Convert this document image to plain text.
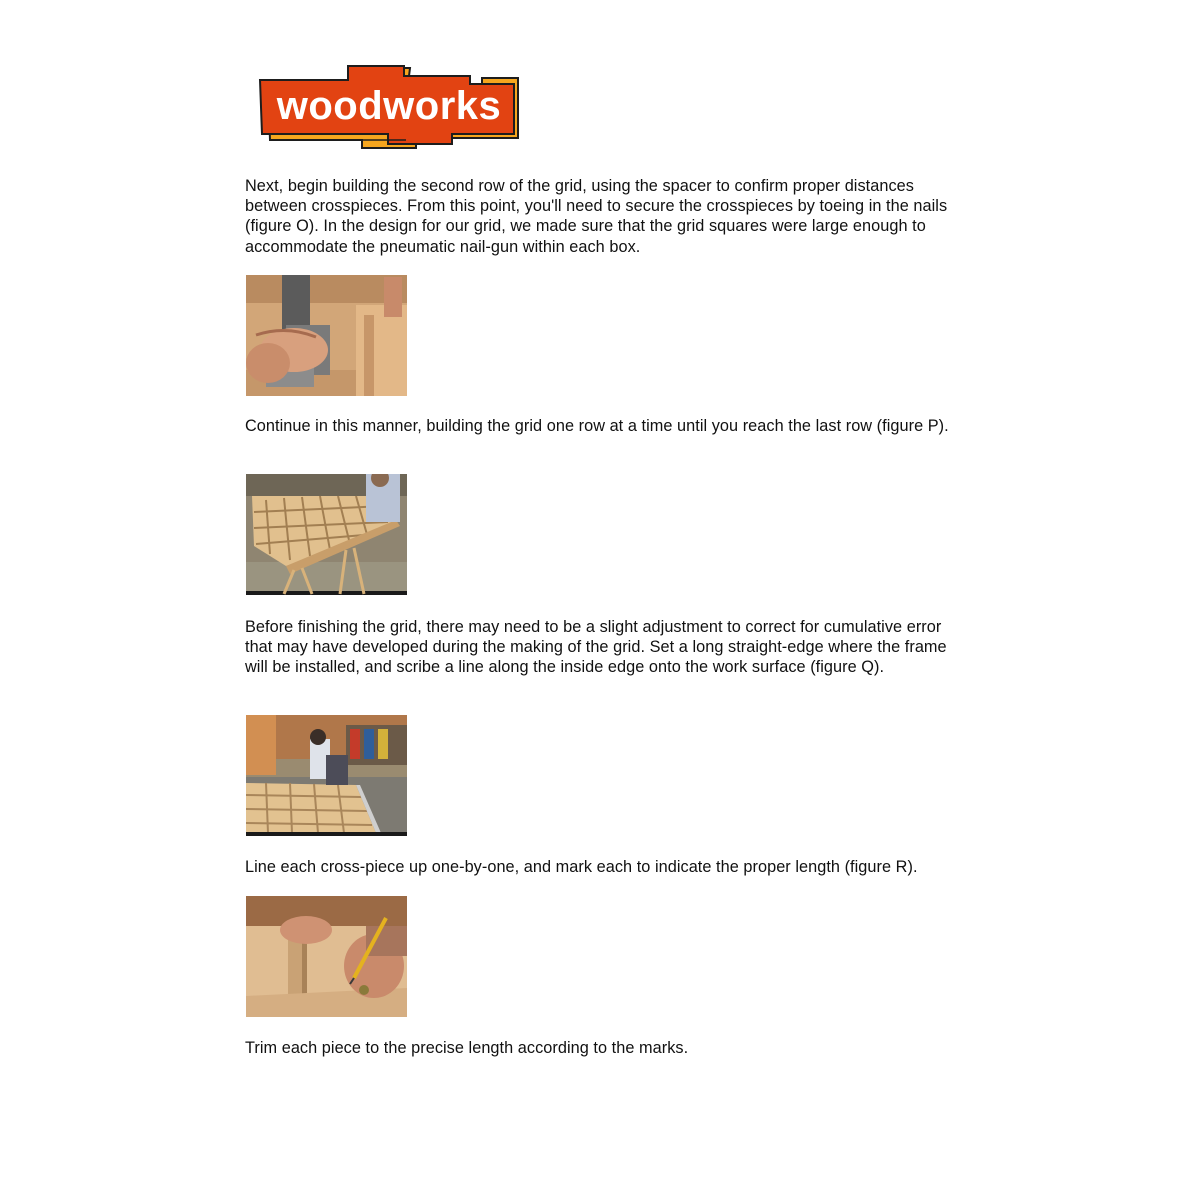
woodworks

Next, begin building the second row of the grid, using the spacer to confirm proper distances between crosspieces. From this point, you'll need to secure the crosspieces by toeing in the nails (figure O). In the design for our grid, we made sure that the grid squares were large enough to accommodate the pneumatic nail-gun within each box.

Continue in this manner, building the grid one row at a time until you reach the last row (figure P).

Before finishing the grid, there may need to be a slight adjustment to correct for cumulative error that may have developed during the making of the grid. Set a long straight-edge where the frame will be installed, and scribe a line along the inside edge onto the work surface (figure Q).

Line each cross-piece up one-by-one, and mark each to indicate the proper length (figure R).

Trim each piece to the precise length according to the marks.
